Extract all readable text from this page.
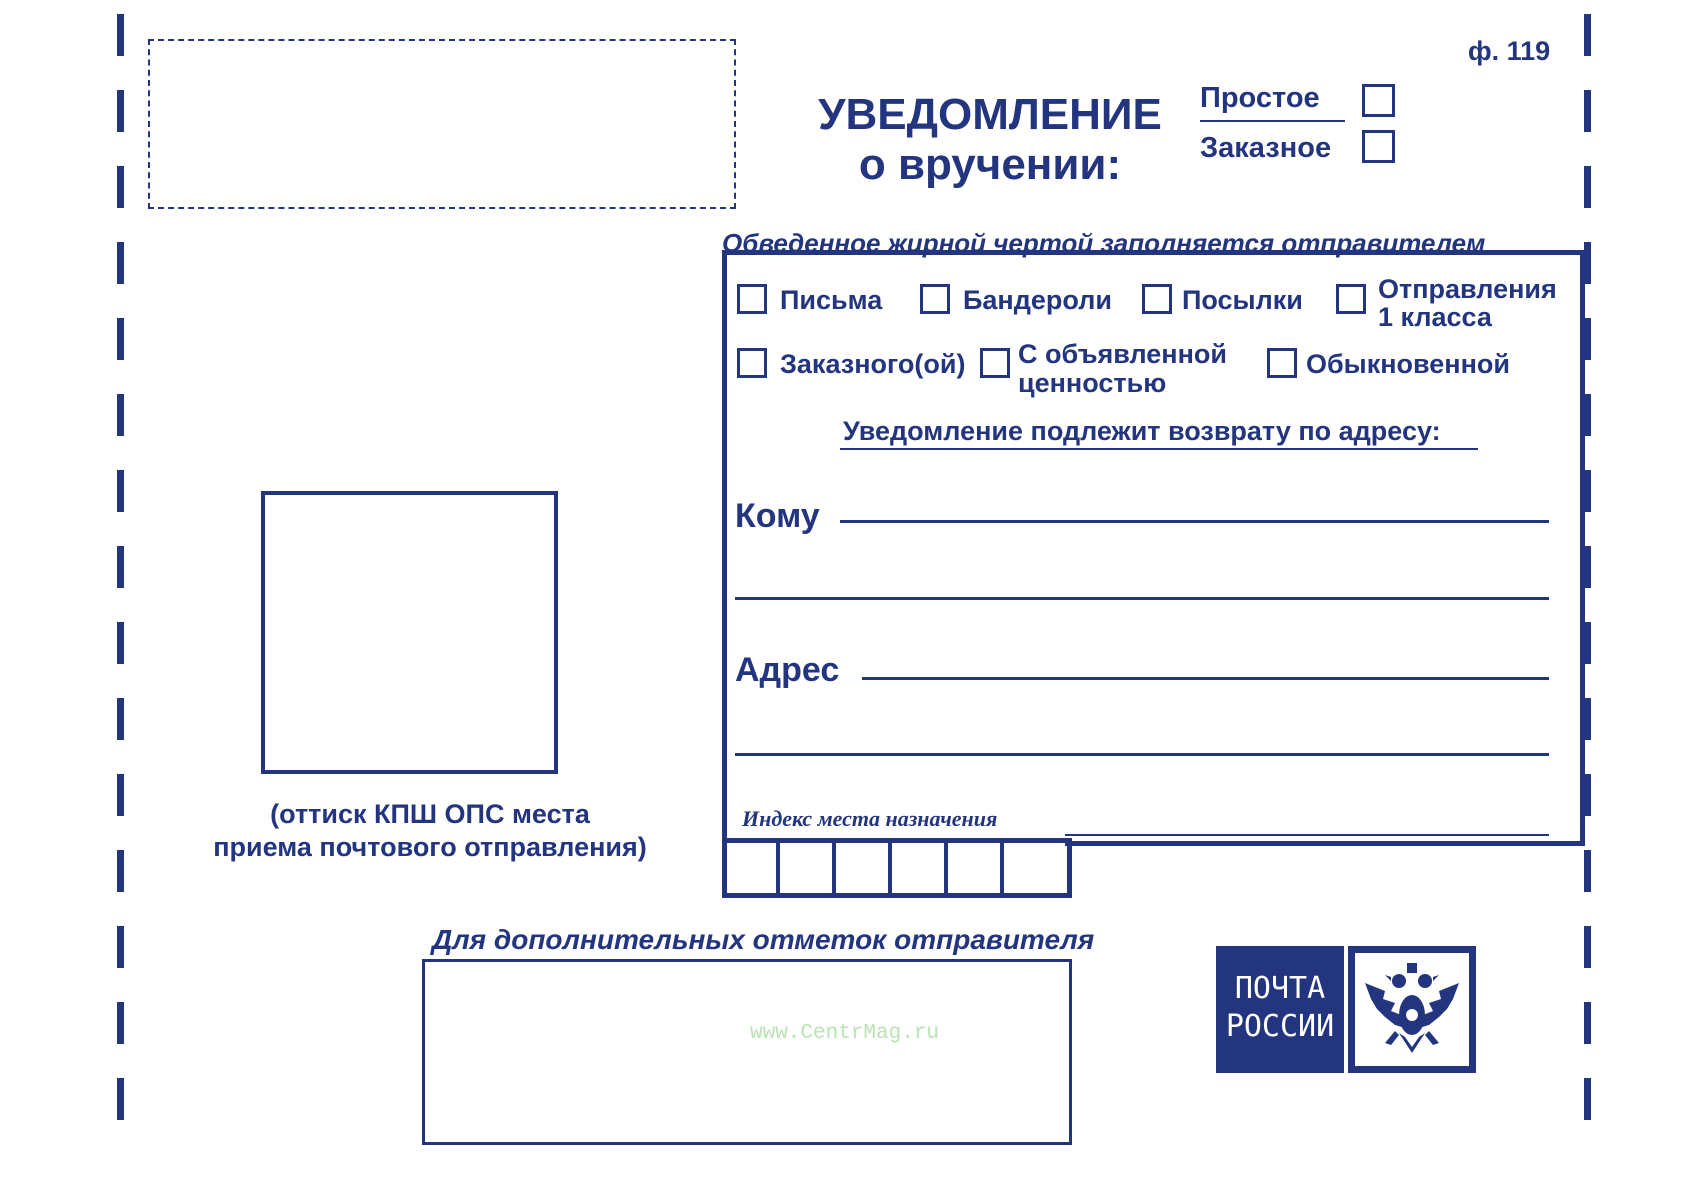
ф. 119
УВЕДОМЛЕНИЕ
о вручении:
Простое
Заказное
Обведенное жирной чертой заполняется отправителем
Письма	Бандероли	Посылки	Отправления
1 класса
Заказного(ой) С объявленной
ценностью
Обыкновенной
Уведомление подлежит возврату по адресу:
Кому
Адрес
Индекс места назначения
(оттиск КПШ ОПС места
приема почтового отправления)
Для дополнительных отметок отправителя
www.CentrMag.ru
ПОЧТА
РОССИИ
